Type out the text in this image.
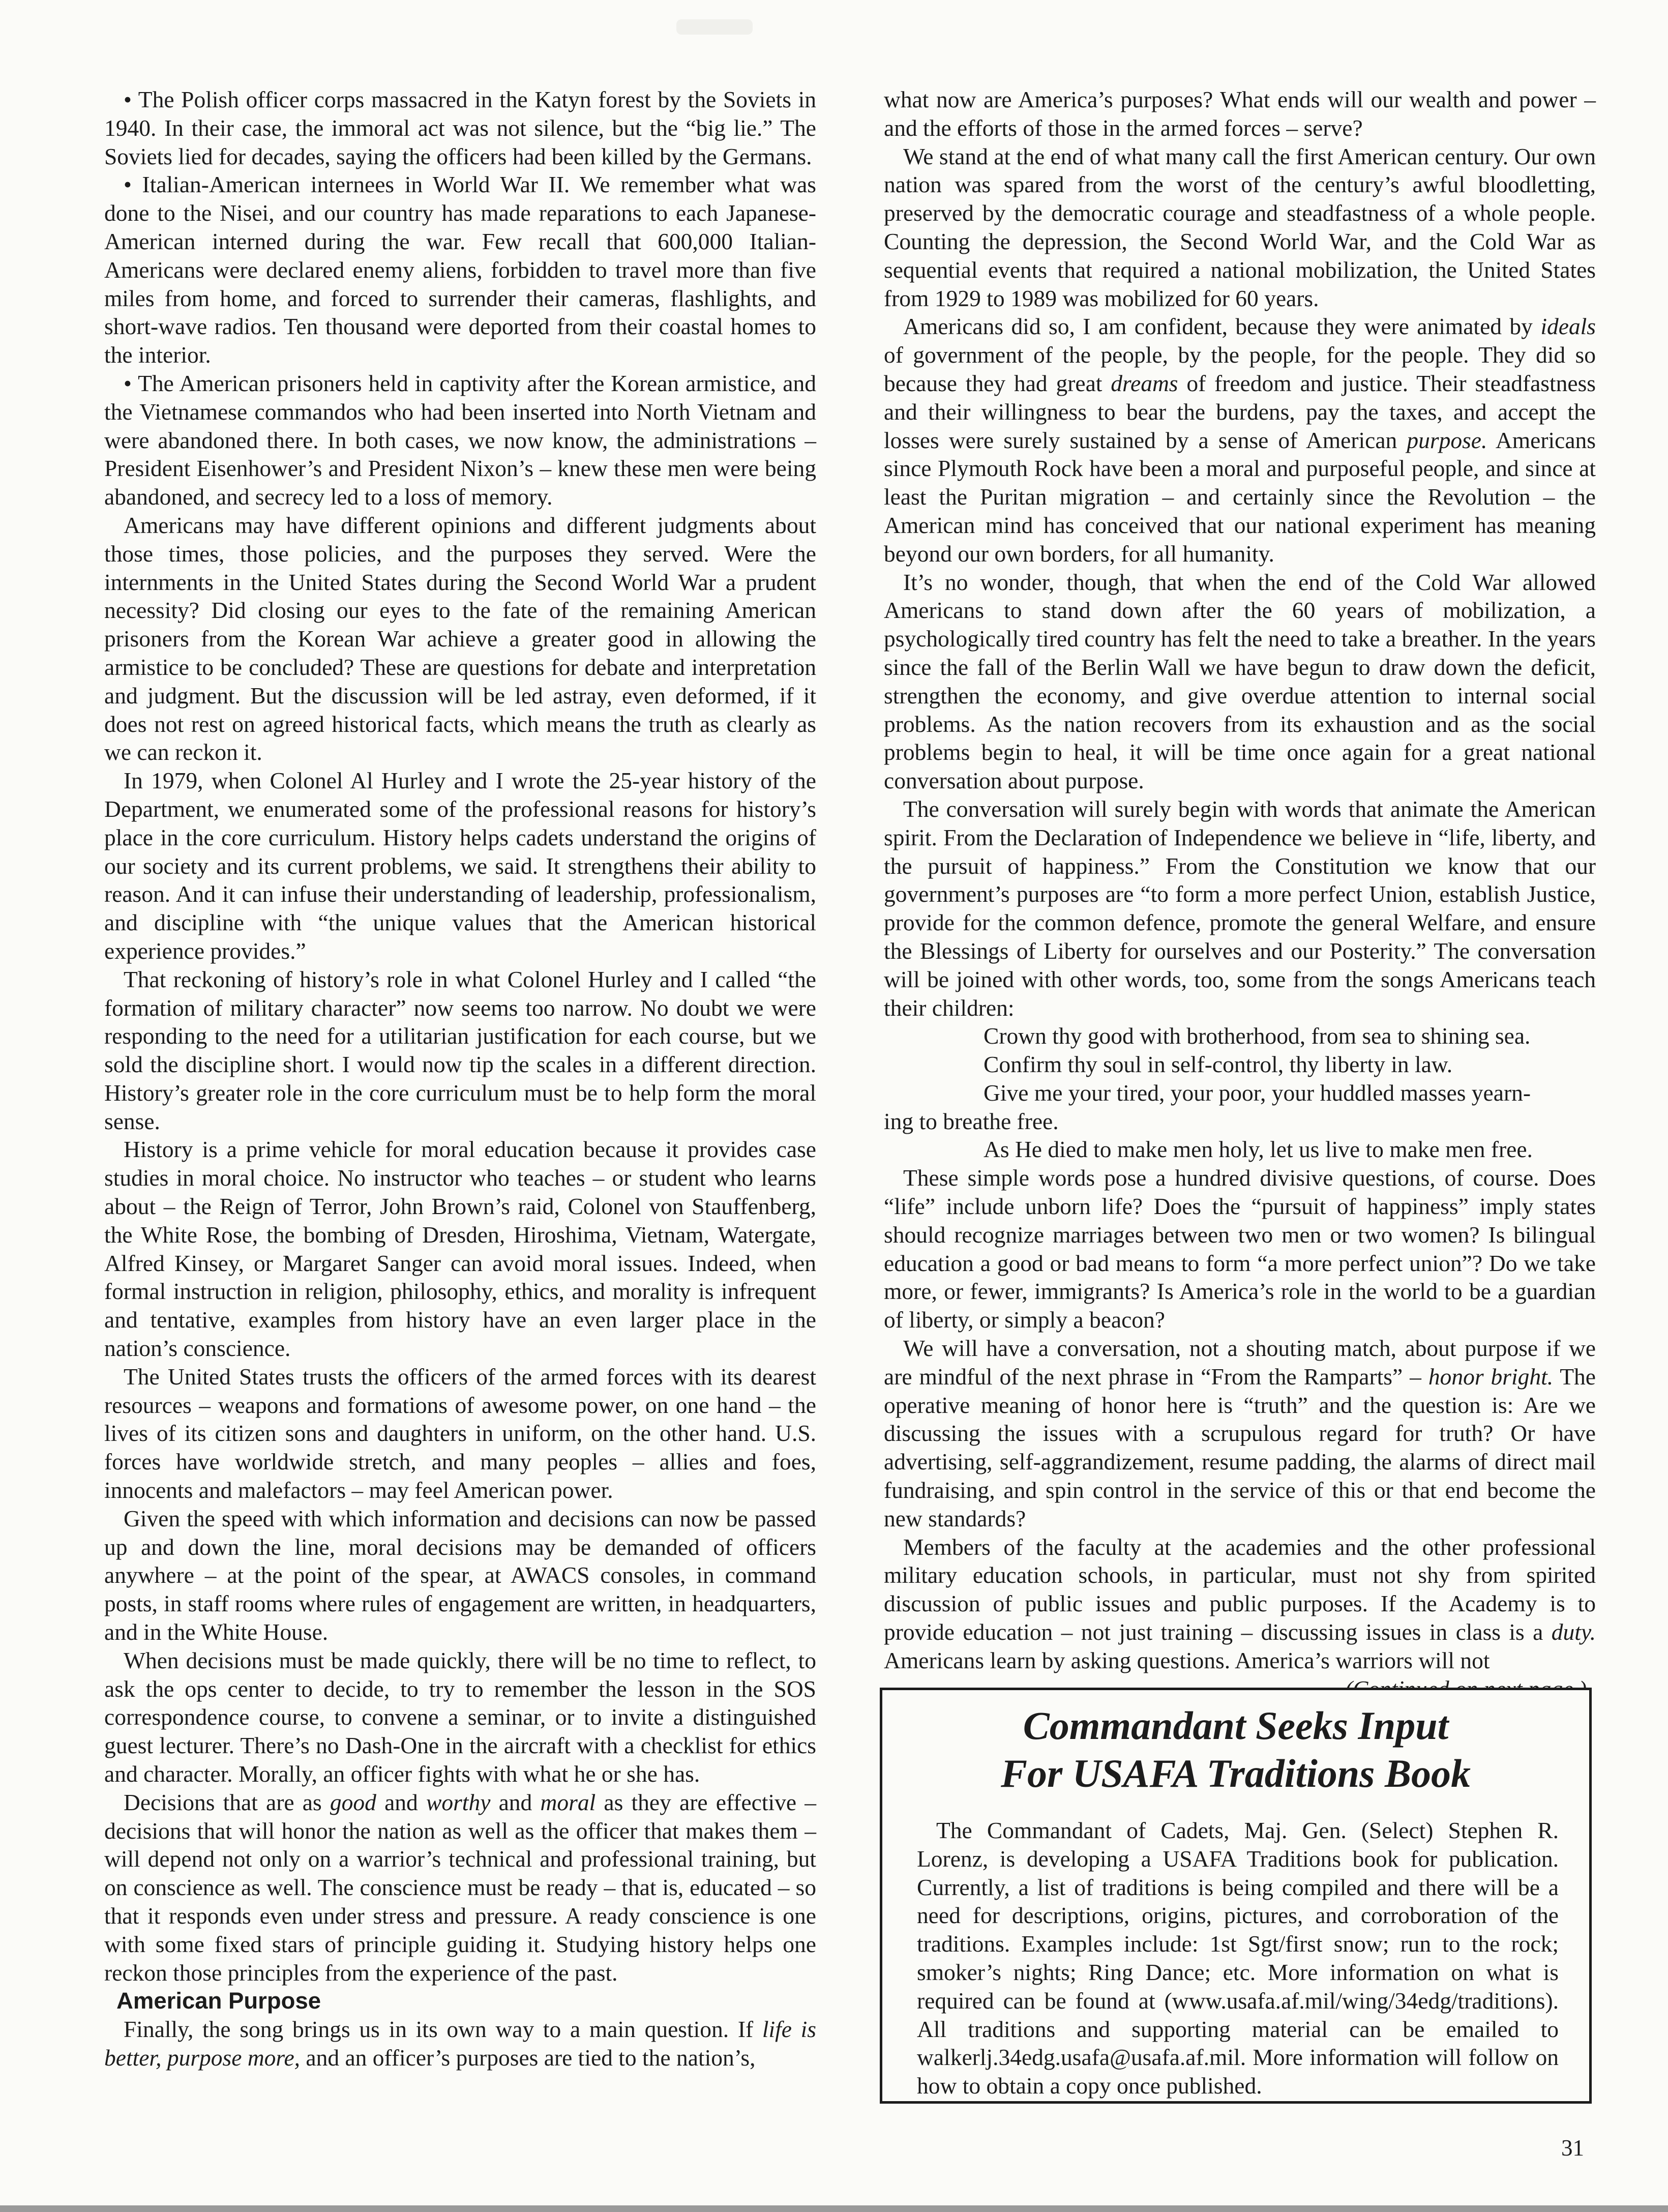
• The Polish officer corps massacred in the Katyn forest by the Soviets in 1940. In their case, the immoral act was not silence, but the “big lie.” The Soviets lied for decades, saying the officers had been killed by the Germans.

• Italian-American internees in World War II. We remember what was done to the Nisei, and our country has made reparations to each Japanese-American interned during the war. Few recall that 600,000 Italian-Americans were declared enemy aliens, forbidden to travel more than five miles from home, and forced to surrender their cameras, flashlights, and short-wave radios. Ten thousand were deported from their coastal homes to the interior.

• The American prisoners held in captivity after the Korean armistice, and the Vietnamese commandos who had been inserted into North Vietnam and were abandoned there. In both cases, we now know, the administrations – President Eisenhower’s and President Nixon’s – knew these men were being abandoned, and secrecy led to a loss of memory.

Americans may have different opinions and different judgments about those times, those policies, and the purposes they served. Were the internments in the United States during the Second World War a prudent necessity? Did closing our eyes to the fate of the remaining American prisoners from the Korean War achieve a greater good in allowing the armistice to be concluded? These are questions for debate and interpretation and judgment. But the discussion will be led astray, even deformed, if it does not rest on agreed historical facts, which means the truth as clearly as we can reckon it.

In 1979, when Colonel Al Hurley and I wrote the 25-year history of the Department, we enumerated some of the professional reasons for history’s place in the core curriculum. History helps cadets understand the origins of our society and its current problems, we said. It strengthens their ability to reason. And it can infuse their understanding of leadership, professionalism, and discipline with “the unique values that the American historical experience provides.”

That reckoning of history’s role in what Colonel Hurley and I called “the formation of military character” now seems too narrow. No doubt we were responding to the need for a utilitarian justification for each course, but we sold the discipline short. I would now tip the scales in a different direction. History’s greater role in the core curriculum must be to help form the moral sense.

History is a prime vehicle for moral education because it provides case studies in moral choice. No instructor who teaches – or student who learns about – the Reign of Terror, John Brown’s raid, Colonel von Stauffenberg, the White Rose, the bombing of Dresden, Hiroshima, Vietnam, Watergate, Alfred Kinsey, or Margaret Sanger can avoid moral issues. Indeed, when formal instruction in religion, philosophy, ethics, and morality is infrequent and tentative, examples from history have an even larger place in the nation’s conscience.

The United States trusts the officers of the armed forces with its dearest resources – weapons and formations of awesome power, on one hand – the lives of its citizen sons and daughters in uniform, on the other hand. U.S. forces have worldwide stretch, and many peoples – allies and foes, innocents and malefactors – may feel American power.

Given the speed with which information and decisions can now be passed up and down the line, moral decisions may be demanded of officers anywhere – at the point of the spear, at AWACS consoles, in command posts, in staff rooms where rules of engagement are written, in headquarters, and in the White House.

When decisions must be made quickly, there will be no time to reflect, to ask the ops center to decide, to try to remember the lesson in the SOS correspondence course, to convene a seminar, or to invite a distinguished guest lecturer. There’s no Dash-One in the aircraft with a checklist for ethics and character. Morally, an officer fights with what he or she has.

Decisions that are as good and worthy and moral as they are effective – decisions that will honor the nation as well as the officer that makes them – will depend not only on a warrior’s technical and professional training, but on conscience as well. The conscience must be ready – that is, educated – so that it responds even under stress and pressure. A ready conscience is one with some fixed stars of principle guiding it. Studying history helps one reckon those principles from the experience of the past.

American Purpose

Finally, the song brings us in its own way to a main question. If life is better, purpose more, and an officer’s purposes are tied to the nation’s,

what now are America’s purposes? What ends will our wealth and power – and the efforts of those in the armed forces – serve?

We stand at the end of what many call the first American century. Our own nation was spared from the worst of the century’s awful bloodletting, preserved by the democratic courage and steadfastness of a whole people. Counting the depression, the Second World War, and the Cold War as sequential events that required a national mobilization, the United States from 1929 to 1989 was mobilized for 60 years.

Americans did so, I am confident, because they were animated by ideals of government of the people, by the people, for the people. They did so because they had great dreams of freedom and justice. Their steadfastness and their willingness to bear the burdens, pay the taxes, and accept the losses were surely sustained by a sense of American purpose. Americans since Plymouth Rock have been a moral and purposeful people, and since at least the Puritan migration – and certainly since the Revolution – the American mind has conceived that our national experiment has meaning beyond our own borders, for all humanity.

It’s no wonder, though, that when the end of the Cold War allowed Americans to stand down after the 60 years of mobilization, a psychologically tired country has felt the need to take a breather. In the years since the fall of the Berlin Wall we have begun to draw down the deficit, strengthen the economy, and give overdue attention to internal social problems. As the nation recovers from its exhaustion and as the social problems begin to heal, it will be time once again for a great national conversation about purpose.

The conversation will surely begin with words that animate the American spirit. From the Declaration of Independence we believe in “life, liberty, and the pursuit of happiness.” From the Constitution we know that our government’s purposes are “to form a more perfect Union, establish Justice, provide for the common defence, promote the general Welfare, and ensure the Blessings of Liberty for ourselves and our Posterity.” The conversation will be joined with other words, too, some from the songs Americans teach their children:

Crown thy good with brotherhood, from sea to shining sea.

Confirm thy soul in self-control, thy liberty in law.

Give me your tired, your poor, your huddled masses yearn-

ing to breathe free.

As He died to make men holy, let us live to make men free.

These simple words pose a hundred divisive questions, of course. Does “life” include unborn life? Does the “pursuit of happiness” imply states should recognize marriages between two men or two women? Is bilingual education a good or bad means to form “a more perfect union”? Do we take more, or fewer, immigrants? Is America’s role in the world to be a guardian of liberty, or simply a beacon?

We will have a conversation, not a shouting match, about purpose if we are mindful of the next phrase in “From the Ramparts” – honor bright. The operative meaning of honor here is “truth” and the question is: Are we discussing the issues with a scrupulous regard for truth? Or have advertising, self-aggrandizement, resume padding, the alarms of direct mail fundraising, and spin control in the service of this or that end become the new standards?

Members of the faculty at the academies and the other professional military education schools, in particular, must not shy from spirited discussion of public issues and public purposes. If the Academy is to provide education – not just training – discussing issues in class is a duty. Americans learn by asking questions. America’s warriors will not

Commandant Seeks Input
For USAFA Traditions Book

The Commandant of Cadets, Maj. Gen. (Select) Stephen R. Lorenz, is developing a USAFA Traditions book for publication. Currently, a list of traditions is being compiled and there will be a need for descriptions, origins, pictures, and corroboration of the traditions. Examples include: 1st Sgt/first snow; run to the rock; smoker’s nights; Ring Dance; etc. More information on what is required can be found at (www.usafa.af.mil/wing/34edg/traditions). All traditions and supporting material can be emailed to walkerlj.34edg.usafa@usafa.af.mil. More information will follow on how to obtain a copy once published.

31
